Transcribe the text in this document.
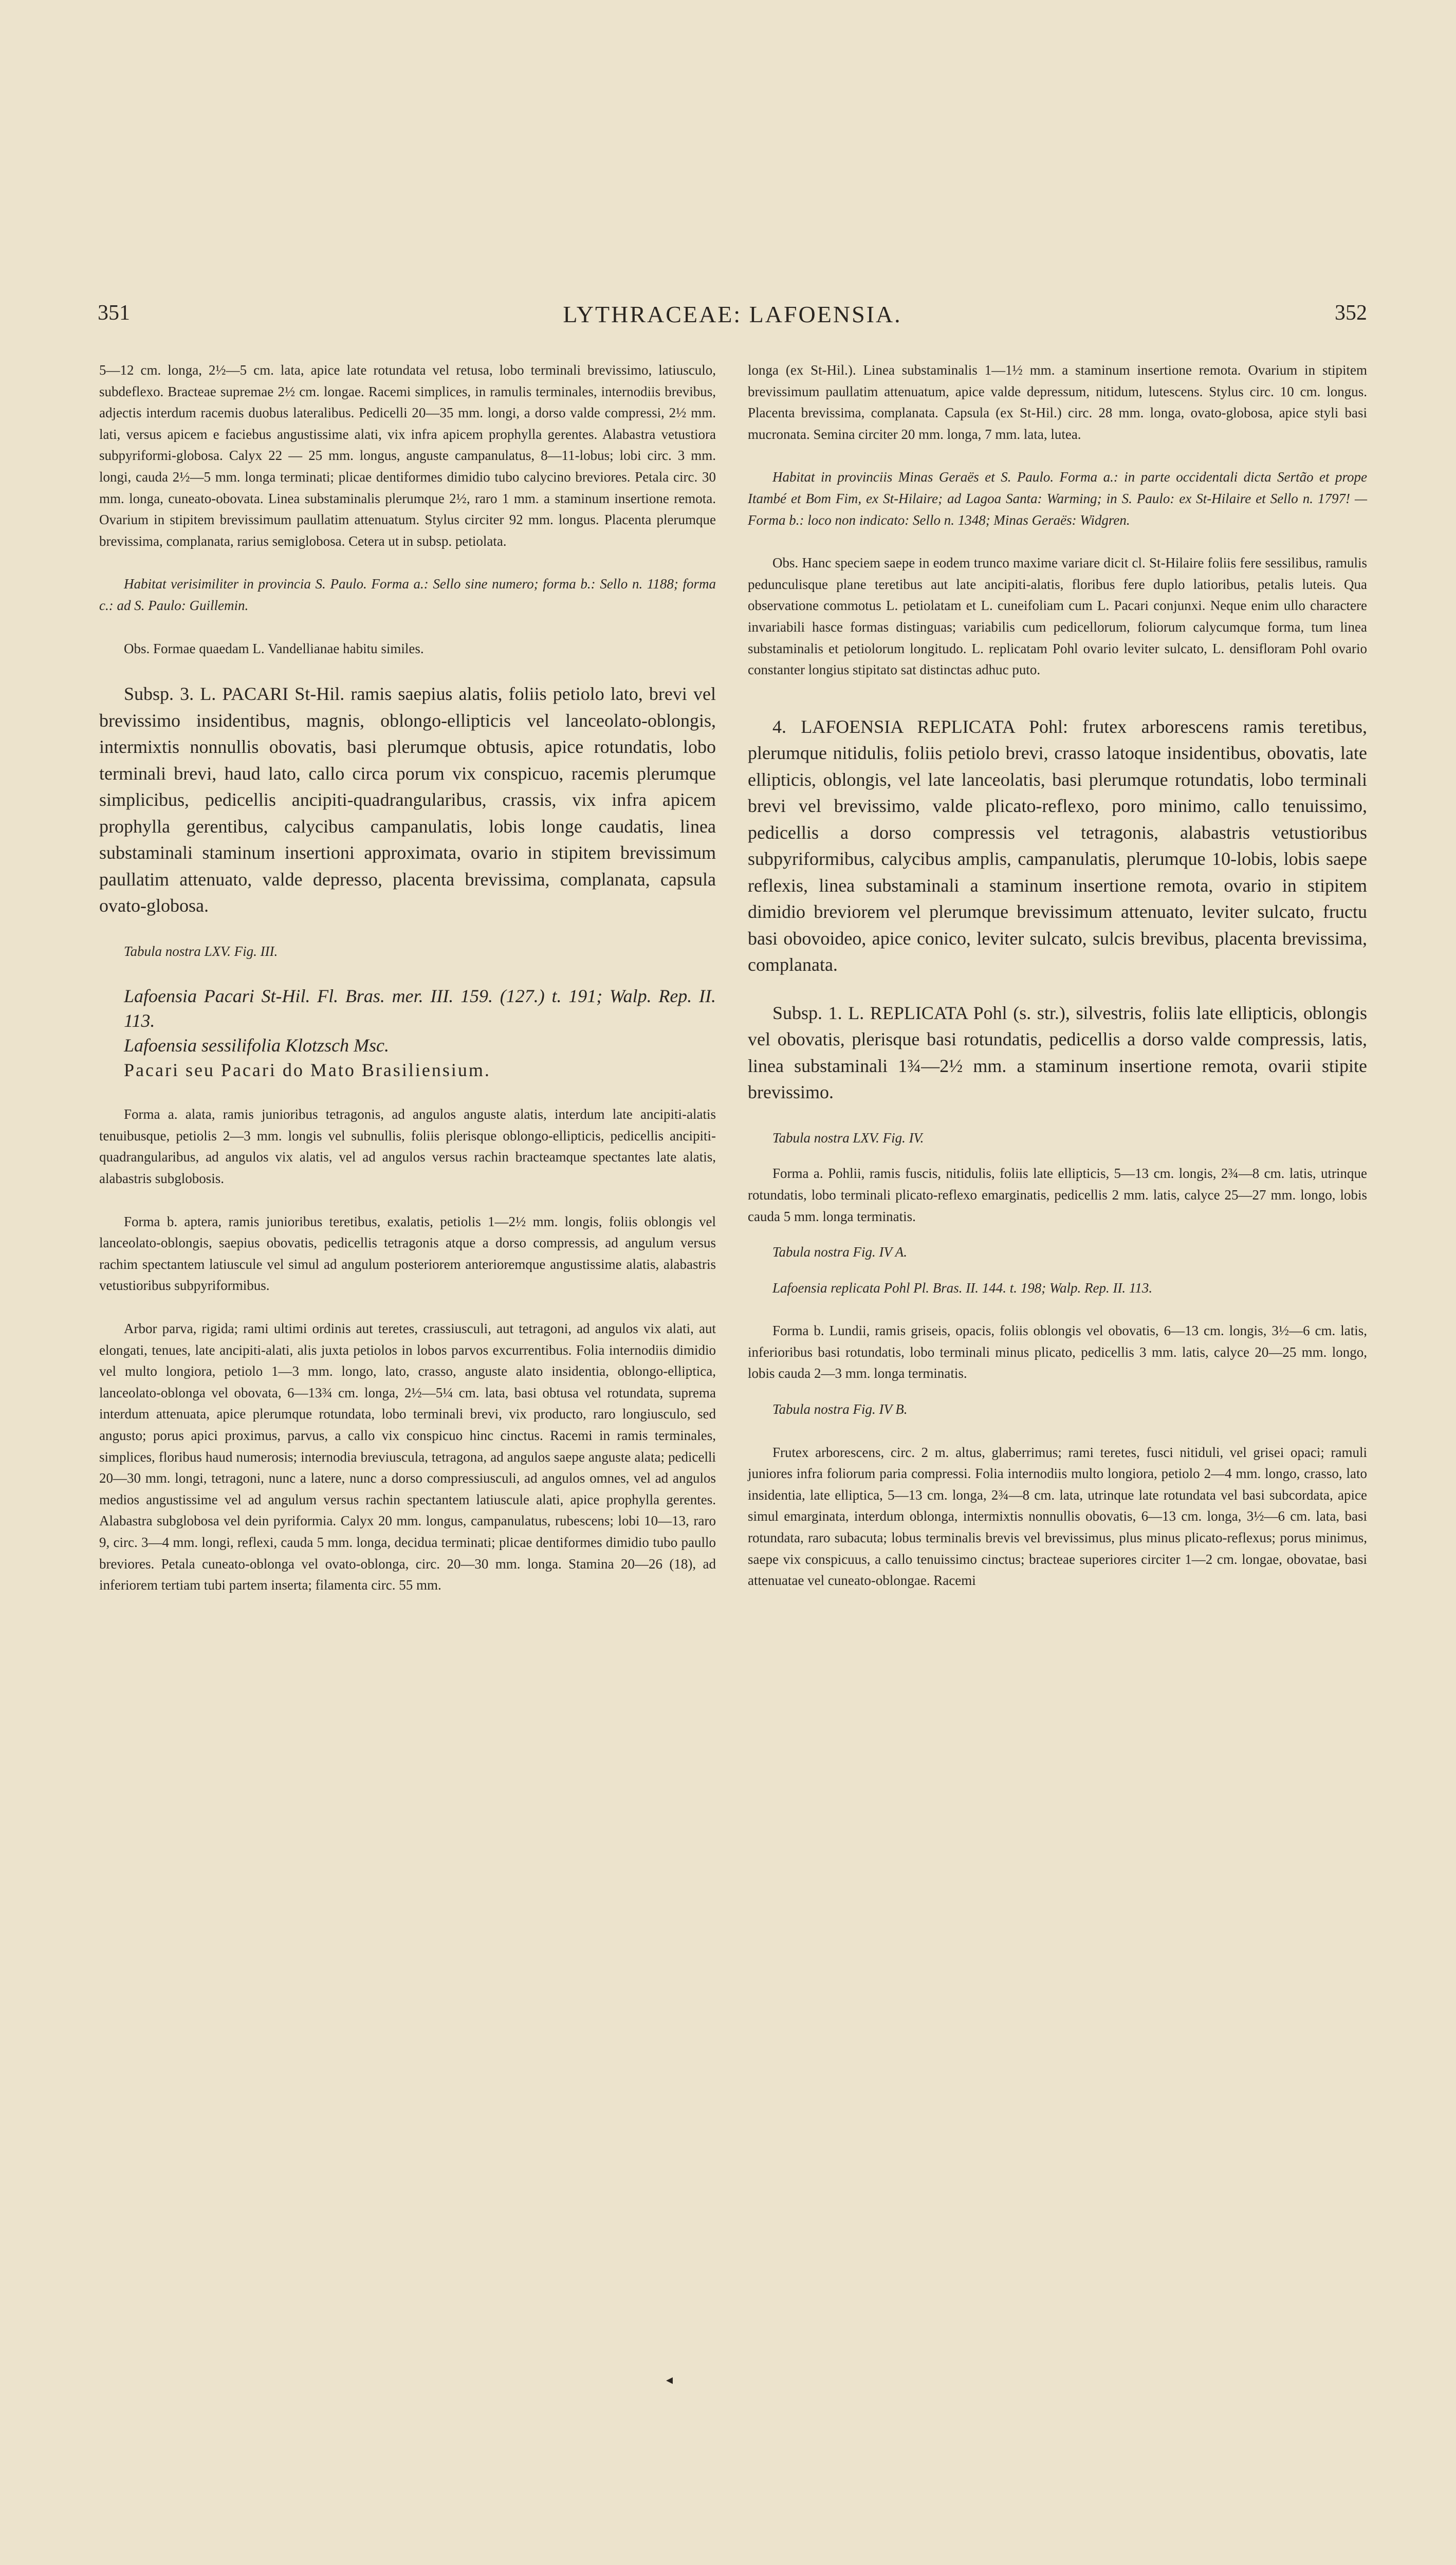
351	LYTHRACEAE: LAFOENSIA.	352

5—12 cm. longa, 2½—5 cm. lata, apice late rotundata vel retusa, lobo terminali brevissimo, latiusculo, subdeflexo. Bracteae supremae 2½ cm. longae. Racemi simplices, in ramulis terminales, internodiis brevibus, adjectis interdum racemis duobus lateralibus. Pedicelli 20—35 mm. longi, a dorso valde compressi, 2½ mm. lati, versus apicem e faciebus angustissime alati, vix infra apicem prophylla gerentes. Alabastra vetustiora subpyriformi-globosa. Calyx 22 — 25 mm. longus, anguste campanulatus, 8—11-lobus; lobi circ. 3 mm. longi, cauda 2½—5 mm. longa terminati; plicae dentiformes dimidio tubo calycino breviores. Petala circ. 30 mm. longa, cuneato-obovata. Linea substaminalis plerumque 2½, raro 1 mm. a staminum insertione remota. Ovarium in stipitem brevissimum paullatim attenuatum. Stylus circiter 92 mm. longus. Placenta plerumque brevissima, complanata, rarius semiglobosa. Cetera ut in subsp. petiolata.

Habitat verisimiliter in provincia S. Paulo. Forma a.: Sello sine numero; forma b.: Sello n. 1188; forma c.: ad S. Paulo: Guillemin.

Obs. Formae quaedam L. Vandellianae habitu similes.

Subsp. 3. L. PACARI St-Hil. ramis saepius alatis, foliis petiolo lato, brevi vel brevissimo insidentibus, magnis, oblongo-ellipticis vel lanceolato-oblongis, intermixtis nonnullis obovatis, basi plerumque obtusis, apice rotundatis, lobo terminali brevi, haud lato, callo circa porum vix conspicuo, racemis plerumque simplicibus, pedicellis ancipiti-quadrangularibus, crassis, vix infra apicem prophylla gerentibus, calycibus campanulatis, lobis longe caudatis, linea substaminali staminum insertioni approximata, ovario in stipitem brevissimum paullatim attenuato, valde depresso, placenta brevissima, complanata, capsula ovato-globosa.

Tabula nostra LXV. Fig. III.

Lafoensia Pacari St-Hil. Fl. Bras. mer. III. 159. (127.) t. 191; Walp. Rep. II. 113.

Lafoensia sessilifolia Klotzsch Msc.

Pacari seu Pacari do Mato Brasiliensium.

Forma a. alata, ramis junioribus tetragonis, ad angulos anguste alatis, interdum late ancipiti-alatis tenuibusque, petiolis 2—3 mm. longis vel subnullis, foliis plerisque oblongo-ellipticis, pedicellis ancipiti-quadrangularibus, ad angulos vix alatis, vel ad angulos versus rachin bracteamque spectantes late alatis, alabastris subglobosis.

Forma b. aptera, ramis junioribus teretibus, exalatis, petiolis 1—2½ mm. longis, foliis oblongis vel lanceolato-oblongis, saepius obovatis, pedicellis tetragonis atque a dorso compressis, ad angulum versus rachim spectantem latiuscule vel simul ad angulum posteriorem anterioremque angustissime alatis, alabastris vetustioribus subpyriformibus.

Arbor parva, rigida; rami ultimi ordinis aut teretes, crassiusculi, aut tetragoni, ad angulos vix alati, aut elongati, tenues, late ancipiti-alati, alis juxta petiolos in lobos parvos excurrentibus. Folia internodiis dimidio vel multo longiora, petiolo 1—3 mm. longo, lato, crasso, anguste alato insidentia, oblongo-elliptica, lanceolato-oblonga vel obovata, 6—13¾ cm. longa, 2½—5¼ cm. lata, basi obtusa vel rotundata, suprema interdum attenuata, apice plerumque rotundata, lobo terminali brevi, vix producto, raro longiusculo, sed angusto; porus apici proximus, parvus, a callo vix conspicuo hinc cinctus. Racemi in ramis terminales, simplices, floribus haud numerosis; internodia breviuscula, tetragona, ad angulos saepe anguste alata; pedicelli 20—30 mm. longi, tetragoni, nunc a latere, nunc a dorso compressiusculi, ad angulos omnes, vel ad angulos medios angustissime vel ad angulum versus rachin spectantem latiuscule alati, apice prophylla gerentes. Alabastra subglobosa vel dein pyriformia. Calyx 20 mm. longus, campanulatus, rubescens; lobi 10—13, raro 9, circ. 3—4 mm. longi, reflexi, cauda 5 mm. longa, decidua terminati; plicae dentiformes dimidio tubo paullo breviores. Petala cuneato-oblonga vel ovato-oblonga, circ. 20—30 mm. longa. Stamina 20—26 (18), ad inferiorem tertiam tubi partem inserta; filamenta circ. 55 mm.

longa (ex St-Hil.). Linea substaminalis 1—1½ mm. a staminum insertione remota. Ovarium in stipitem brevissimum paullatim attenuatum, apice valde depressum, nitidum, lutescens. Stylus circ. 10 cm. longus. Placenta brevissima, complanata. Capsula (ex St-Hil.) circ. 28 mm. longa, ovato-globosa, apice styli basi mucronata. Semina circiter 20 mm. longa, 7 mm. lata, lutea.

Habitat in provinciis Minas Geraës et S. Paulo. Forma a.: in parte occidentali dicta Sertão et prope Itambé et Bom Fim, ex St-Hilaire; ad Lagoa Santa: Warming; in S. Paulo: ex St-Hilaire et Sello n. 1797! — Forma b.: loco non indicato: Sello n. 1348; Minas Geraës: Widgren.

Obs. Hanc speciem saepe in eodem trunco maxime variare dicit cl. St-Hilaire foliis fere sessilibus, ramulis pedunculisque plane teretibus aut late ancipiti-alatis, floribus fere duplo latioribus, petalis luteis. Qua observatione commotus L. petiolatam et L. cuneifoliam cum L. Pacari conjunxi. Neque enim ullo charactere invariabili hasce formas distinguas; variabilis cum pedicellorum, foliorum calycumque forma, tum linea substaminalis et petiolorum longitudo. L. replicatam Pohl ovario leviter sulcato, L. densifloram Pohl ovario constanter longius stipitato sat distinctas adhuc puto.

4. LAFOENSIA REPLICATA Pohl: frutex arborescens ramis teretibus, plerumque nitidulis, foliis petiolo brevi, crasso latoque insidentibus, obovatis, late ellipticis, oblongis, vel late lanceolatis, basi plerumque rotundatis, lobo terminali brevi vel brevissimo, valde plicato-reflexo, poro minimo, callo tenuissimo, pedicellis a dorso compressis vel tetragonis, alabastris vetustioribus subpyriformibus, calycibus amplis, campanulatis, plerumque 10-lobis, lobis saepe reflexis, linea substaminali a staminum insertione remota, ovario in stipitem dimidio breviorem vel plerumque brevissimum attenuato, leviter sulcato, fructu basi obovoideo, apice conico, leviter sulcato, sulcis brevibus, placenta brevissima, complanata.

Subsp. 1. L. REPLICATA Pohl (s. str.), silvestris, foliis late ellipticis, oblongis vel obovatis, plerisque basi rotundatis, pedicellis a dorso valde compressis, latis, linea substaminali 1¾—2½ mm. a staminum insertione remota, ovarii stipite brevissimo.

Tabula nostra LXV. Fig. IV.

Forma a. Pohlii, ramis fuscis, nitidulis, foliis late ellipticis, 5—13 cm. longis, 2¾—8 cm. latis, utrinque rotundatis, lobo terminali plicato-reflexo emarginatis, pedicellis 2 mm. latis, calyce 25—27 mm. longo, lobis cauda 5 mm. longa terminatis.

Tabula nostra Fig. IV A.

Lafoensia replicata Pohl Pl. Bras. II. 144. t. 198; Walp. Rep. II. 113.

Forma b. Lundii, ramis griseis, opacis, foliis oblongis vel obovatis, 6—13 cm. longis, 3½—6 cm. latis, inferioribus basi rotundatis, lobo terminali minus plicato, pedicellis 3 mm. latis, calyce 20—25 mm. longo, lobis cauda 2—3 mm. longa terminatis.

Tabula nostra Fig. IV B.

Frutex arborescens, circ. 2 m. altus, glaberrimus; rami teretes, fusci nitiduli, vel grisei opaci; ramuli juniores infra foliorum paria compressi. Folia internodiis multo longiora, petiolo 2—4 mm. longo, crasso, lato insidentia, late elliptica, 5—13 cm. longa, 2¾—8 cm. lata, utrinque late rotundata vel basi subcordata, apice simul emarginata, interdum oblonga, intermixtis nonnullis obovatis, 6—13 cm. longa, 3½—6 cm. lata, basi rotundata, raro subacuta; lobus terminalis brevis vel brevissimus, plus minus plicato-reflexus; porus minimus, saepe vix conspicuus, a callo tenuissimo cinctus; bracteae superiores circiter 1—2 cm. longae, obovatae, basi attenuatae vel cuneato-oblongae. Racemi

◂
